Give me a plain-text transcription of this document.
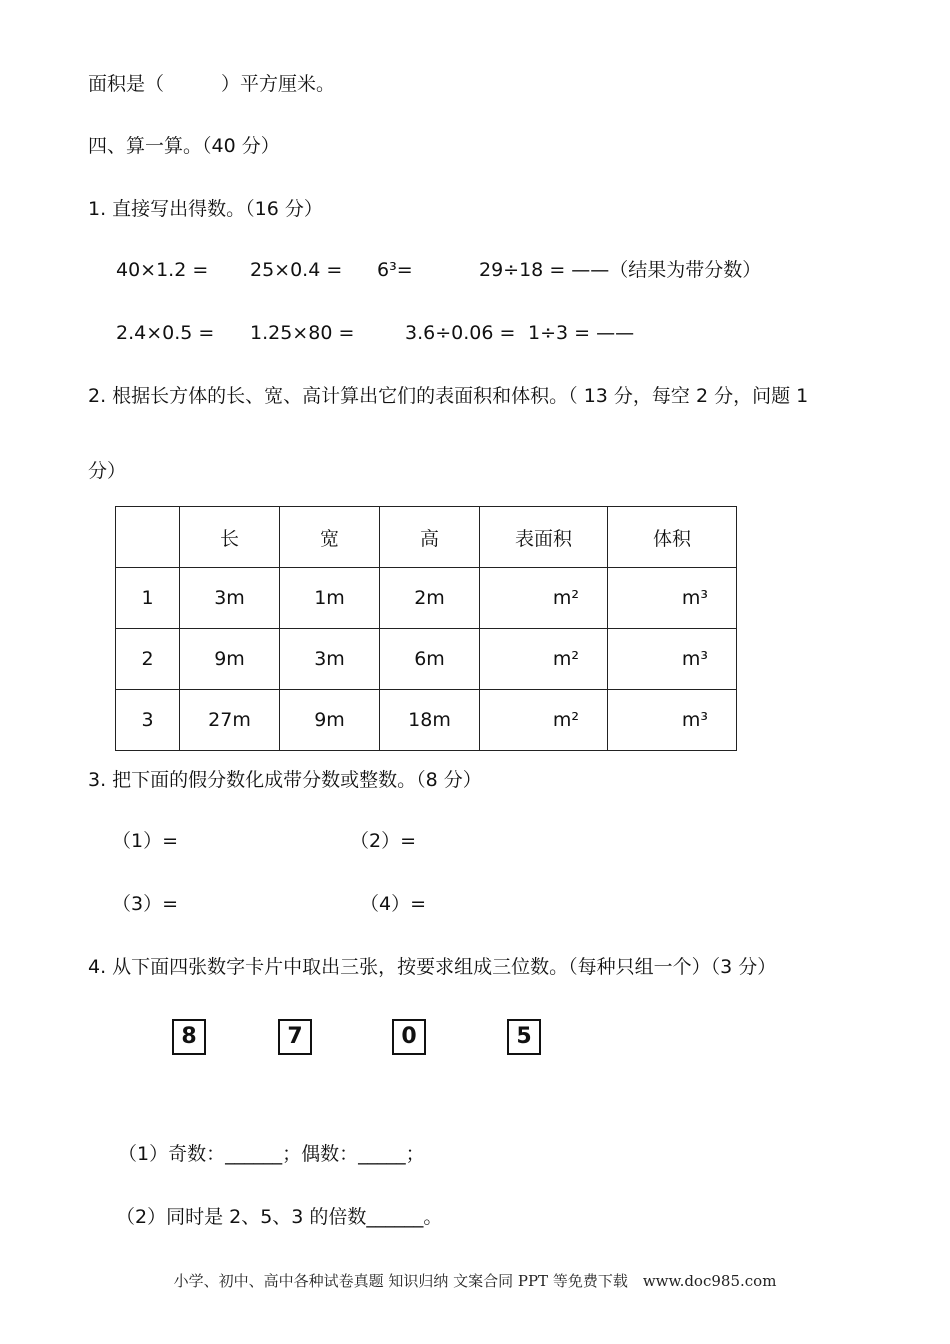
面积是（　　　）平方厘米。
四、算一算。（40 分）
1. 直接写出得数。（16 分）
40×1.2 = 25×0.4 = 6³=	29÷18 = ——（结果为带分数）
2.4×0.5 = 1.25×80 =	3.6÷0.06 = 1÷3 = ——
2. 根据长方体的长、宽、高计算出它们的表面积和体积。（ 13 分，每空 2 分，问题 1
分）
	长	宽	高	表面积	体积
1	3m	1m	2m	m²	m³
2	9m	3m	6m	m²	m³
3	27m	9m	18m	m²	m³
3. 把下面的假分数化成带分数或整数。（8 分）
（1）=	（2）=
（3）=	（4）=
4. 从下面四张数字卡片中取出三张，按要求组成三位数。（每种只组一个）（3 分）
8	7	0	5
（1）奇数：______；偶数：_____；
（2）同时是 2、5、3 的倍数______。
小学、初中、高中各种试卷真题 知识归纳 文案合同 PPT 等免费下载　www.doc985.com
